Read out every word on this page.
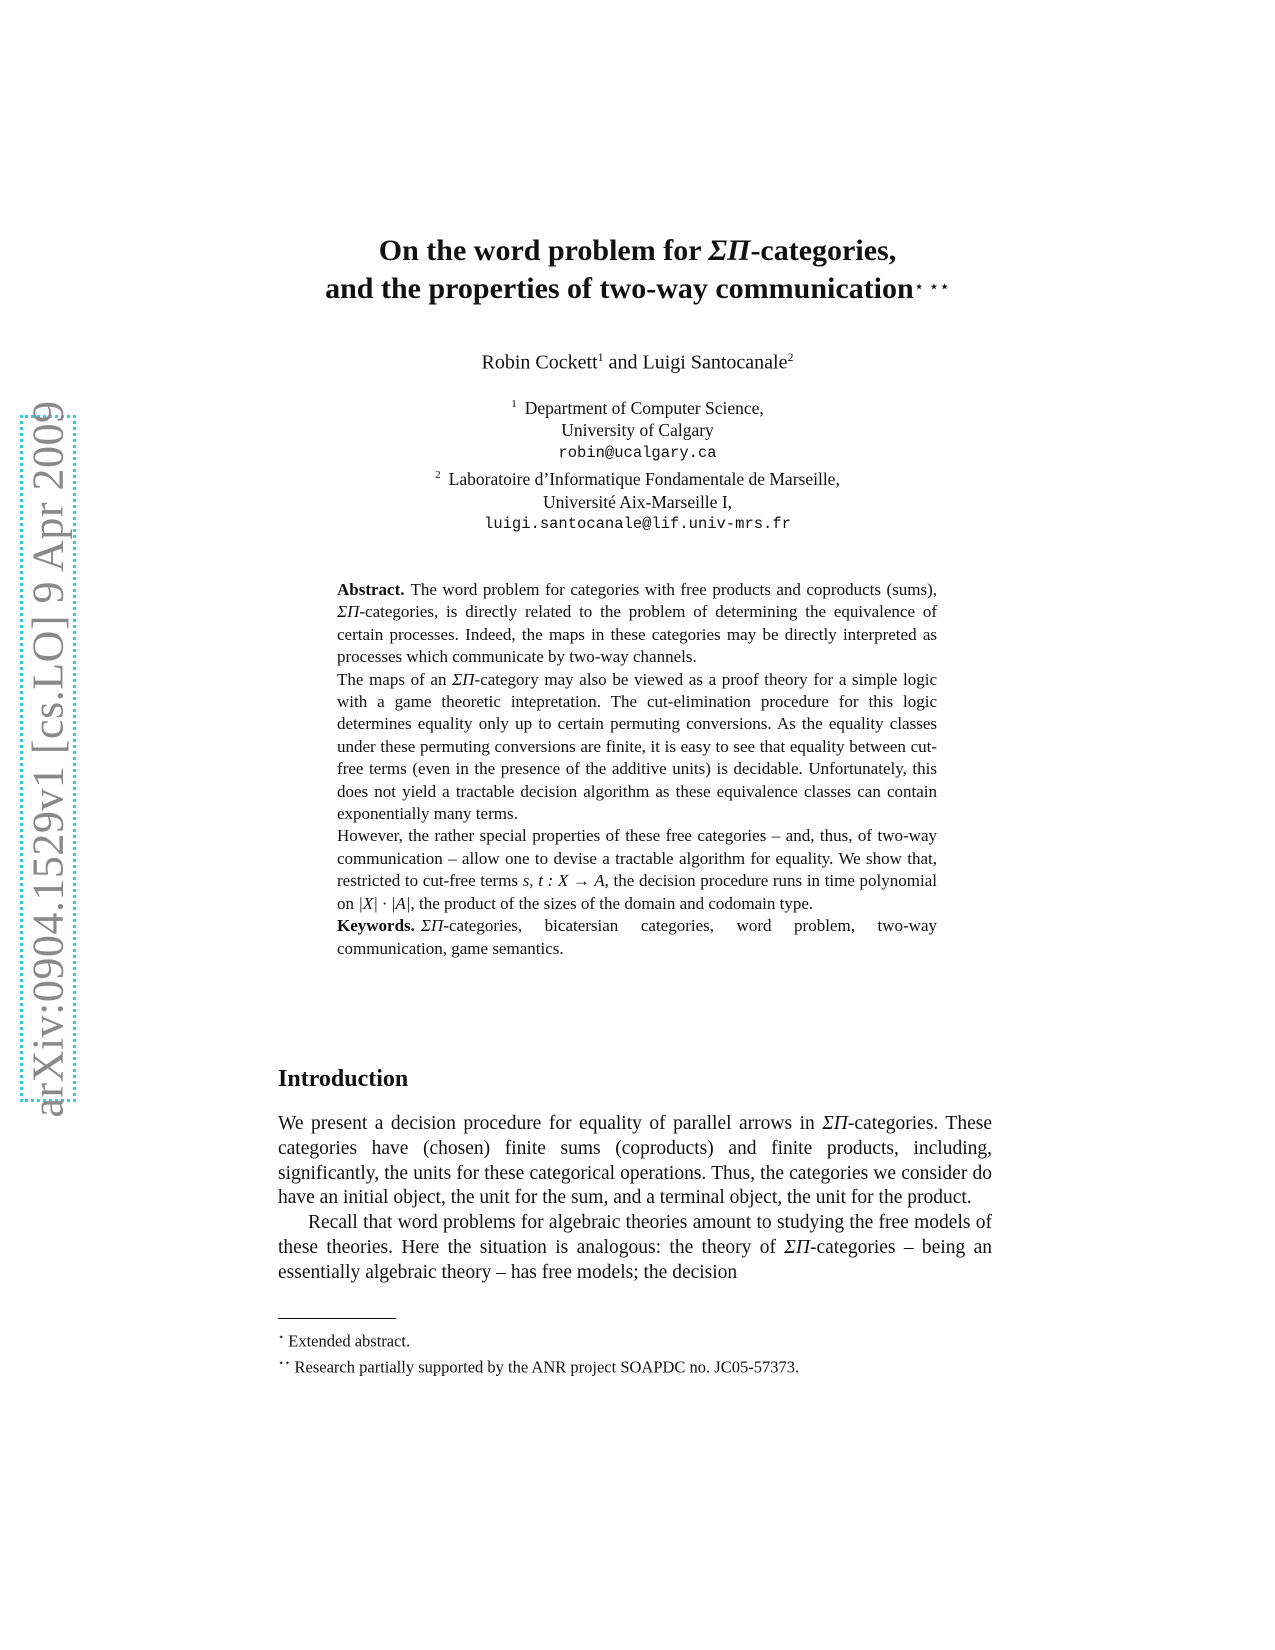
arXiv:0904.1529v1 [cs.LO] 9 Apr 2009
On the word problem for ΣΠ-categories,
and the properties of two-way communication⋆ ⋆⋆
Robin Cockett$^1$ and Luigi Santocanale$^2$
$^1$ Department of Computer Science,
University of Calgary
robin@ucalgary.ca
$^2$ Laboratoire d’Informatique Fondamentale de Marseille,
Université Aix-Marseille I,
luigi.santocanale@lif.univ-mrs.fr

Abstract. The word problem for categories with free products and coproducts (sums), ΣΠ-categories, is directly related to the problem of determining the equivalence of certain processes. Indeed, the maps in these categories may be directly interpreted as processes which communicate by two-way channels.

The maps of an ΣΠ-category may also be viewed as a proof theory for a simple logic with a game theoretic intepretation. The cut-elimination procedure for this logic determines equality only up to certain permuting conversions. As the equality classes under these permuting conversions are finite, it is easy to see that equality between cut-free terms (even in the presence of the additive units) is decidable. Unfortunately, this does not yield a tractable decision algorithm as these equivalence classes can contain exponentially many terms.

However, the rather special properties of these free categories – and, thus, of two-way communication – allow one to devise a tractable algorithm for equality. We show that, restricted to cut-free terms s, t : X → A, the decision procedure runs in time polynomial on |X| · |A|, the product of the sizes of the domain and codomain type.

Keywords. ΣΠ-categories, bicatersian categories, word problem, two-way communication, game semantics.

Introduction

We present a decision procedure for equality of parallel arrows in ΣΠ-categories. These categories have (chosen) finite sums (coproducts) and finite products, including, significantly, the units for these categorical operations. Thus, the categories we consider do have an initial object, the unit for the sum, and a terminal object, the unit for the product.

Recall that word problems for algebraic theories amount to studying the free models of these theories. Here the situation is analogous: the theory of ΣΠ-categories – being an essentially algebraic theory – has free models; the decision

⋆ Extended abstract.
⋆⋆ Research partially supported by the ANR project SOAPDC no. JC05-57373.
